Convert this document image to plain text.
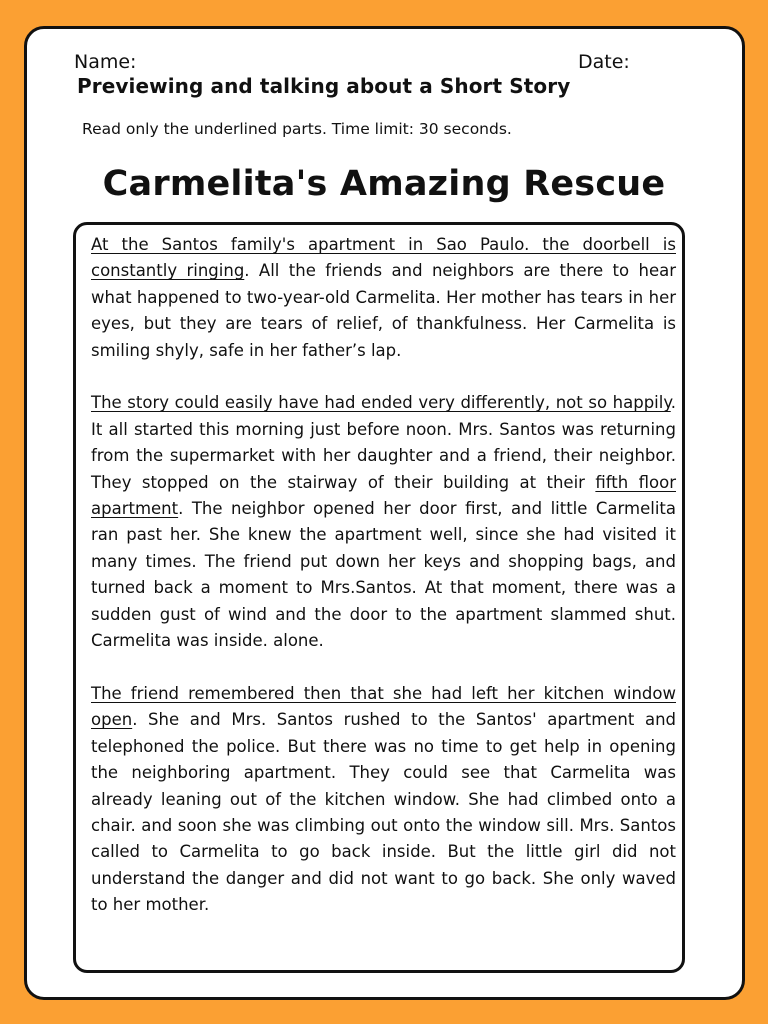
Name:	Date:
Previewing and talking about a Short Story
Read only the underlined parts. Time limit: 30 seconds.
Carmelita's Amazing Rescue

At the Santos family's apartment in Sao Paulo. the doorbell is constantly ringing. All the friends and neighbors are there to hear what happened to two-year-old Carmelita. Her mother has tears in her eyes, but they are tears of relief, of thankfulness. Her Carmelita is smiling shyly, safe in her father’s lap.

The story could easily have had ended very differently, not so happily. It all started this morning just before noon. Mrs. Santos was returning from the supermarket with her daughter and a friend, their neighbor. They stopped on the stairway of their building at their fifth floor apartment. The neighbor opened her door first, and little Carmelita ran past her. She knew the apartment well, since she had visited it many times. The friend put down her keys and shopping bags, and turned back a moment to Mrs.Santos. At that moment, there was a sudden gust of wind and the door to the apartment slammed shut. Carmelita was inside. alone.

The friend remembered then that she had left her kitchen window open. She and Mrs. Santos rushed to the Santos' apartment and telephoned the police. But there was no time to get help in opening the neighboring apartment. They could see that Carmelita was already leaning out of the kitchen window. She had climbed onto a chair. and soon she was climbing out onto the window sill. Mrs. Santos called to Carmelita to go back inside. But the little girl did not understand the danger and did not want to go back. She only waved to her mother.
